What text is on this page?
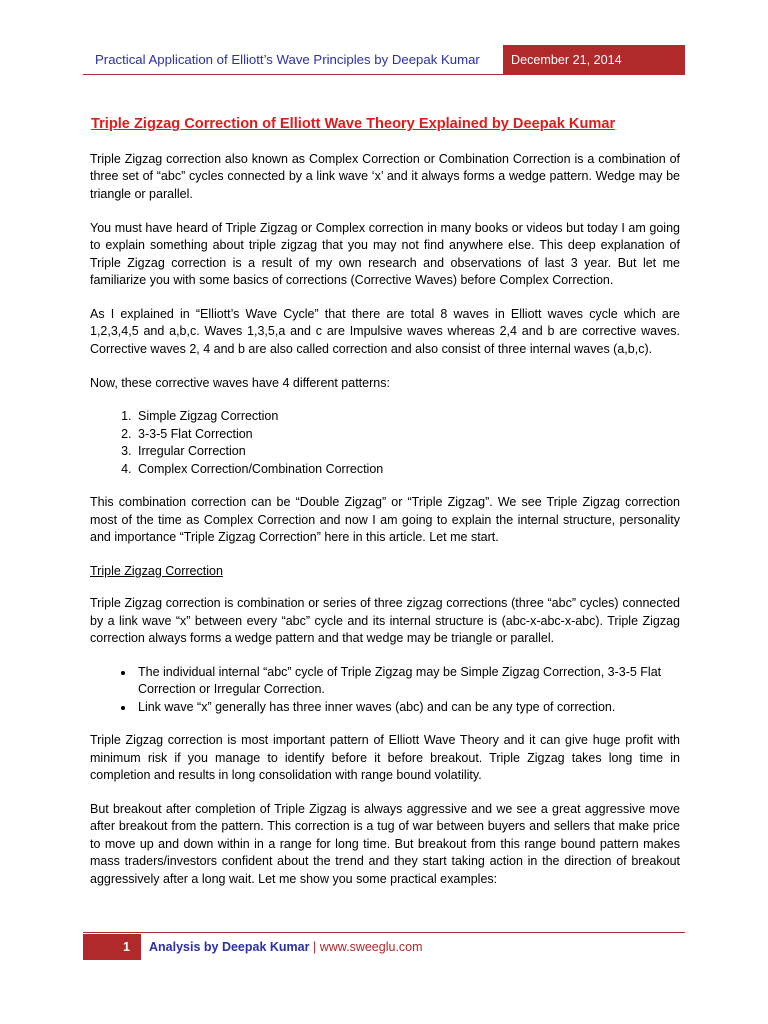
Practical Application of Elliott’s Wave Principles by Deepak Kumar	December 21, 2014
Triple Zigzag Correction of Elliott Wave Theory Explained by Deepak Kumar

Triple Zigzag correction also known as Complex Correction or Combination Correction is a combination of three set of “abc” cycles connected by a link wave ‘x’ and it always forms a wedge pattern. Wedge may be triangle or parallel.

You must have heard of Triple Zigzag or Complex correction in many books or videos but today I am going to explain something about triple zigzag that you may not find anywhere else. This deep explanation of Triple Zigzag correction is a result of my own research and observations of last 3 year. But let me familiarize you with some basics of corrections (Corrective Waves) before Complex Correction.

As I explained in “Elliott’s Wave Cycle” that there are total 8 waves in Elliott waves cycle which are 1,2,3,4,5 and a,b,c. Waves 1,3,5,a and c are Impulsive waves whereas 2,4 and b are corrective waves. Corrective waves 2, 4 and b are also called correction and also consist of three internal waves (a,b,c).

Now, these corrective waves have 4 different patterns:

1. Simple Zigzag Correction
2. 3-3-5 Flat Correction
3. Irregular Correction
4. Complex Correction/Combination Correction

This combination correction can be “Double Zigzag” or “Triple Zigzag”. We see Triple Zigzag correction most of the time as Complex Correction and now I am going to explain the internal structure, personality and importance “Triple Zigzag Correction” here in this article. Let me start.

Triple Zigzag Correction

Triple Zigzag correction is combination or series of three zigzag corrections (three “abc” cycles) connected by a link wave “x” between every “abc” cycle and its internal structure is (abc-x-abc-x-abc). Triple Zigzag correction always forms a wedge pattern and that wedge may be triangle or parallel.

• The individual internal “abc” cycle of Triple Zigzag may be Simple Zigzag Correction, 3-3-5 Flat Correction or Irregular Correction.
• Link wave “x” generally has three inner waves (abc) and can be any type of correction.

Triple Zigzag correction is most important pattern of Elliott Wave Theory and it can give huge profit with minimum risk if you manage to identify before it before breakout. Triple Zigzag takes long time in completion and results in long consolidation with range bound volatility.

But breakout after completion of Triple Zigzag is always aggressive and we see a great aggressive move after breakout from the pattern. This correction is a tug of war between buyers and sellers that make price to move up and down within in a range for long time. But breakout from this range bound pattern makes mass traders/investors confident about the trend and they start taking action in the direction of breakout aggressively after a long wait. Let me show you some practical examples:

1	Analysis by Deepak Kumar | www.sweeglu.com
